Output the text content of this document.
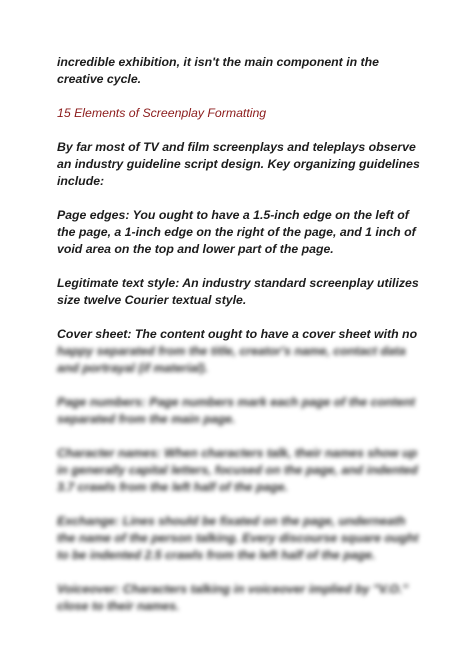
incredible exhibition, it isn't the main component in the creative cycle.

15 Elements of Screenplay Formatting

By far most of TV and film screenplays and teleplays observe an industry guideline script design. Key organizing guidelines include:

Page edges: You ought to have a 1.5-inch edge on the left of the page, a 1-inch edge on the right of the page, and 1 inch of void area on the top and lower part of the page.

Legitimate text style: An industry standard screenplay utilizes size twelve Courier textual style.

Cover sheet: The content ought to have a cover sheet with no happy separated from the title, creator's name, contact data and portrayal (if material).

Page numbers: Page numbers mark each page of the content separated from the main page.

Character names: When characters talk, their names show up in generally capital letters, focused on the page, and indented 3.7 crawls from the left half of the page.

Exchange: Lines should be fixated on the page, underneath the name of the person talking. Every discourse square ought to be indented 2.5 crawls from the left half of the page.

Voiceover: Characters talking in voiceover implied by "V.O." close to their names.
